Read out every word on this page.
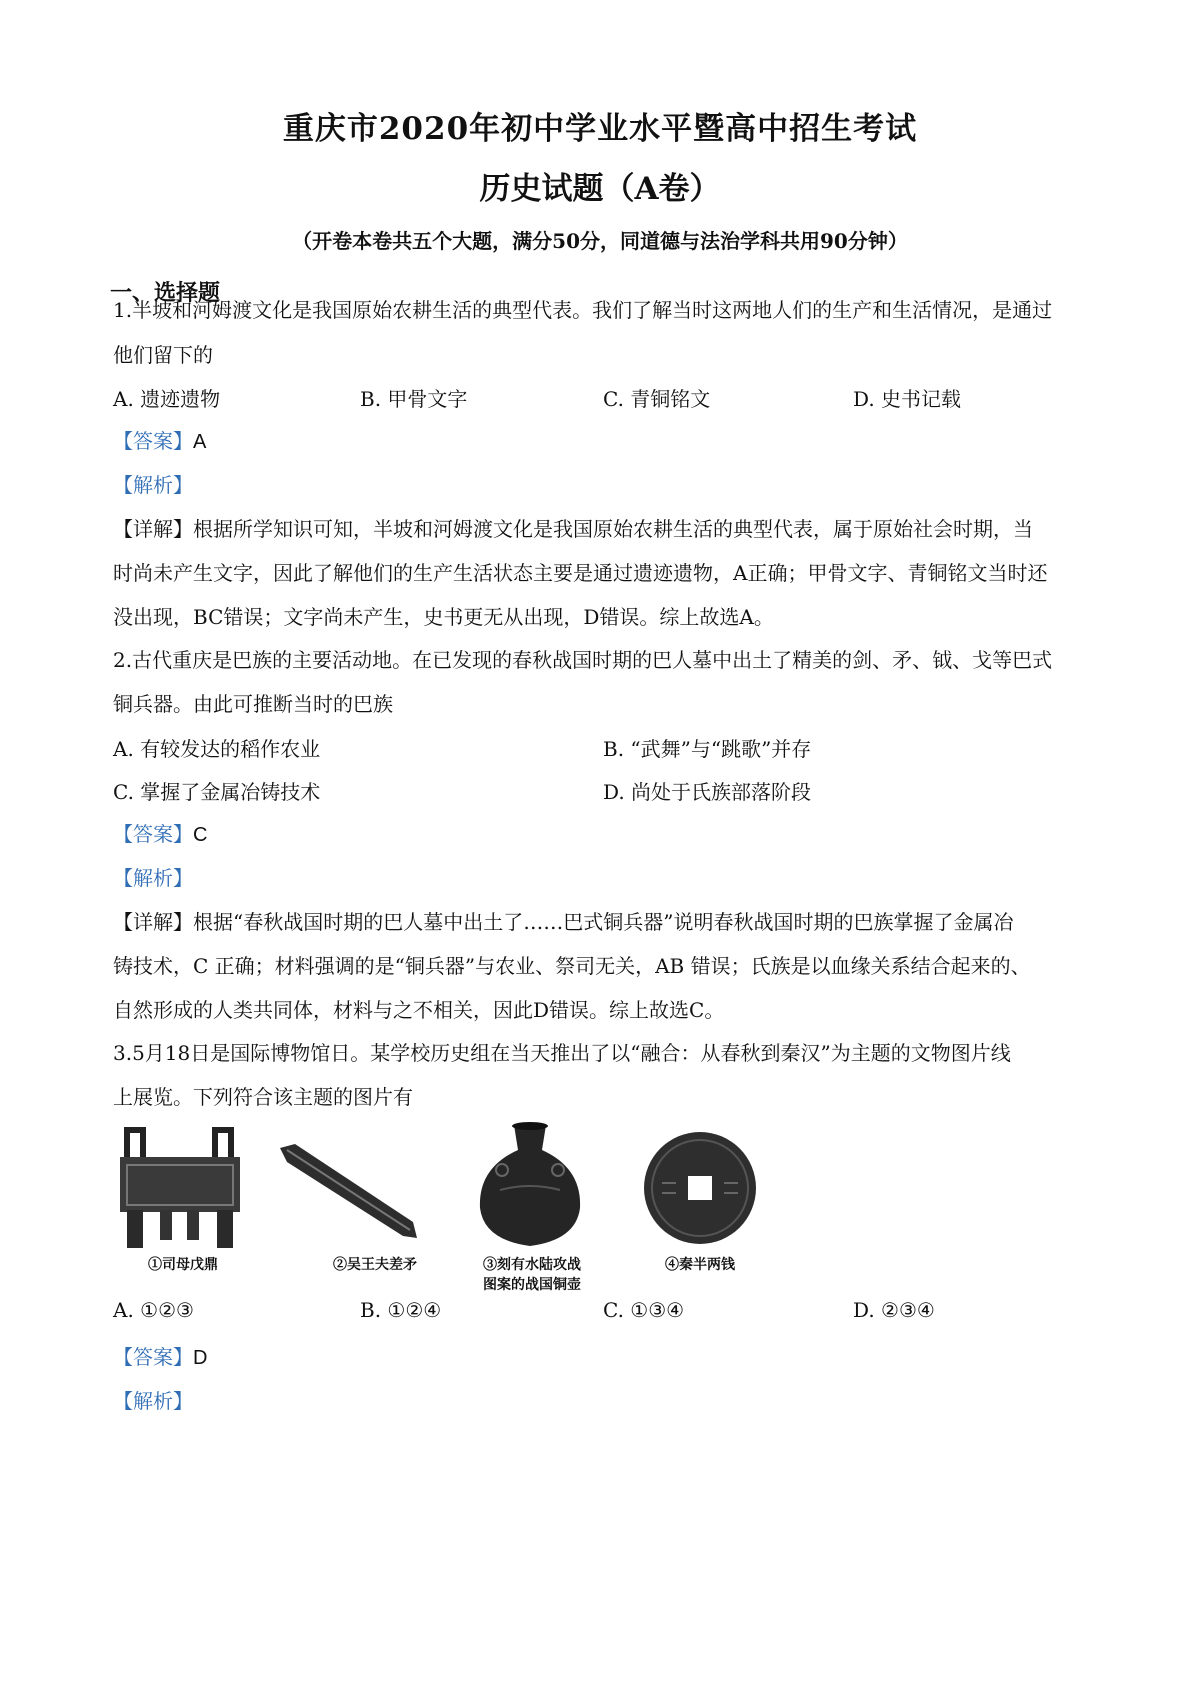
重庆市2020年初中学业水平暨高中招生考试
历史试题（A卷）
（开卷本卷共五个大题，满分50分，同道德与法治学科共用90分钟）
一、选择题
1.半坡和河姆渡文化是我国原始农耕生活的典型代表。我们了解当时这两地人们的生产和生活情况，是通过
他们留下的
A. 遗迹遗物	B. 甲骨文字	C. 青铜铭文	D. 史书记载
【答案】A
【解析】
【详解】根据所学知识可知，半坡和河姆渡文化是我国原始农耕生活的典型代表，属于原始社会时期，当
时尚未产生文字，因此了解他们的生产生活状态主要是通过遗迹遗物，A正确；甲骨文字、青铜铭文当时还
没出现，BC错误；文字尚未产生，史书更无从出现，D错误。综上故选A。
2.古代重庆是巴族的主要活动地。在已发现的春秋战国时期的巴人墓中出土了精美的剑、矛、钺、戈等巴式
铜兵器。由此可推断当时的巴族
A. 有较发达的稻作农业	B. “武舞”与“跳歌”并存
C. 掌握了金属冶铸技术	D. 尚处于氏族部落阶段
【答案】C
【解析】
【详解】根据“春秋战国时期的巴人墓中出土了……巴式铜兵器”说明春秋战国时期的巴族掌握了金属冶
铸技术，C 正确；材料强调的是“铜兵器”与农业、祭司无关，AB 错误；氏族是以血缘关系结合起来的、
自然形成的人类共同体，材料与之不相关，因此D错误。综上故选C。
3.5月18日是国际博物馆日。某学校历史组在当天推出了以“融合：从春秋到秦汉”为主题的文物图片线
上展览。下列符合该主题的图片有
①司母戊鼎	②吴王夫差矛	③刻有水陆攻战
图案的战国铜壶
④秦半两钱
A. ①②③	B. ①②④	C. ①③④	D. ②③④
【答案】D
【解析】
